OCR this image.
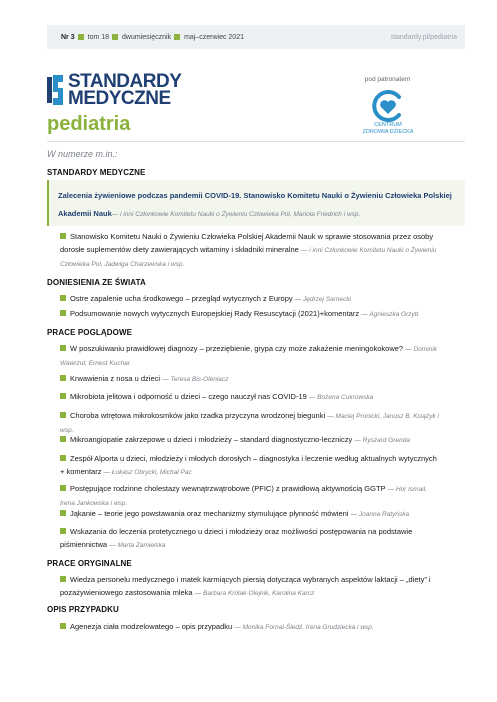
Nr 3 tom 18 dwumiesięcznik maj–czerwiec 2021	standardy.pl/pediatria
STANDARDY
MEDYCZNE
pediatria
pod patronatem
CENTRUM
ZDROWIA DZIECKA
W numerze m.in.:
STANDARDY MEDYCZNE
Zalecenia żywieniowe podczas pandemii COVID-19. Stanowisko Komitetu Nauki o Żywieniu Człowieka Polskiej Akademii Nauk— i inni Członkowie Komitetu Nauki o Żywieniu Człowieka Pol, Mariola Friedrich i wsp.
Stanowisko Komitetu Nauki o Żywieniu Człowieka Polskiej Akademii Nauk w sprawie stosowania przez osoby dorosłe suplementów diety zawierających witaminy i składniki mineralne — i inni Członkowie Komitetu Nauki o Żywieniu Człowieka Pol, Jadwiga Charzewska i wsp.
DONIESIENIA ZE ŚWIATA
Ostre zapalenie ucha środkowego – przegląd wytycznych z Europy — Jędrzej Sarnecki
Podsumowanie nowych wytycznych Europejskiej Rady Resuscytacji (2021)+komentarz — Agnieszka Grzyb
PRACE POGLĄDOWE
W poszukiwaniu prawidłowej diagnozy – przeziębienie, grypa czy może zakażenie meningokokowe? — Dominik Wawrzut, Ernest Kuchar
Krwawienia z nosa u dzieci — Teresa Bis-Oleniacz
Mikrobiota jelitowa i odporność u dzieci – czego nauczył nas COVID-19 — Bożena Cukrowska
Choroba wtrętowa mikrokosmków jako rzadka przyczyna wrodzonej biegunki — Maciej Pronicki, Janusz B. Książyk i wsp.
Mikroangiopatie zakrzepowe u dzieci i młodzieży – standard diagnostyczno-leczniczy — Ryszard Grenda
Zespół Alporta u dzieci, młodzieży i młodych dorosłych – diagnostyka i leczenie według aktualnych wytycznych + komentarz — Łukasz Obrycki, Michał Pac
Postępujące rodzinne cholestazy wewnątrzwątrobowe (PFIC) z prawidłową aktywnością GGTP — Hor Ismail, Irena Jankowska i wsp.
Jąkanie – teorie jego powstawania oraz mechanizmy stymulujące płynność mówieni — Joanna Ratyńska
Wskazania do leczenia protetycznego u dzieci i młodzieży oraz możliwości postępowania na podstawie piśmiennictwa — Marta Zamielska
PRACE ORYGINALNE
Wiedza personelu medycznego i matek karmiących piersią dotycząca wybranych aspektów laktacji – „diety” i pozażywieniowego zastosowania mleka — Barbara Królak-Olejnik, Karolina Karcz
OPIS PRZYPADKU
Agenezja ciała modzelowatego – opis przypadku — Monika Fornal-Śledź, Irena Grudziecka i wsp.
